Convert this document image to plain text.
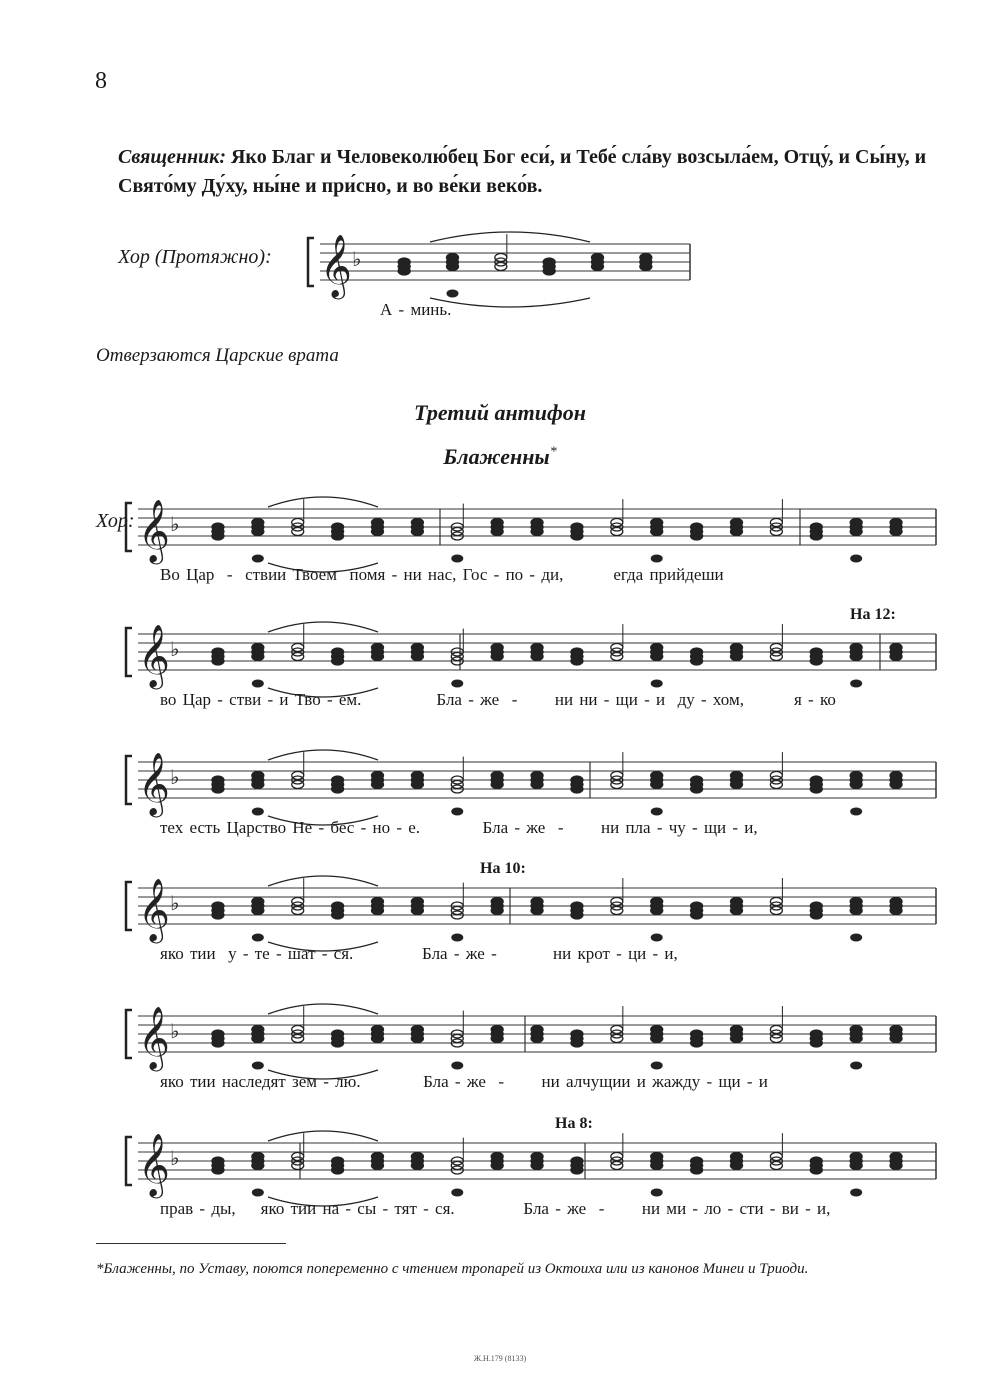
8
Священник: Яко Благ и Человеколю́бец Бог еси́, и Тебе́ сла́ву возсыла́ем, Отцу́, и Сы́ну, и Свято́му Ду́ху, ны́не и при́сно, и во ве́ки веко́в.
Хор (Протяжно): 𝄞 ♭
А - минь.
Отверзаются Царские врата
Третий антифон
Блаженны*
Хор: 𝄞 ♭
Во Цар  -  ствии Твоем  помя - ни нас, Гос - по - ди,        егда прийдеши
𝄞 ♭
во Цар - стви - и Тво - ем.            Бла - же  -      ни ни - щи - и  ду - хом,        я - ко
На 12:
𝄞 ♭
тех есть Царство Не - бес - но - е.          Бла - же  -      ни пла - чу - щи - и,
𝄞 ♭
яко тии  у - те - шат - ся.           Бла - же -         ни крот - ци - и,
На 10:
𝄞 ♭
яко тии наследят зем - лю.          Бла - же  -      ни алчущии и жажду - щи - и
𝄞 ♭
прав - ды,    яко тии на - сы - тят - ся.           Бла - же  -      ни ми - ло - сти - ви - и,
На 8:
*Блаженны, по Уставу, поются попеременно с чтением тропарей из Октоиха или из канонов Минеи и Триоди.
Ж.Н.179 (8133)
